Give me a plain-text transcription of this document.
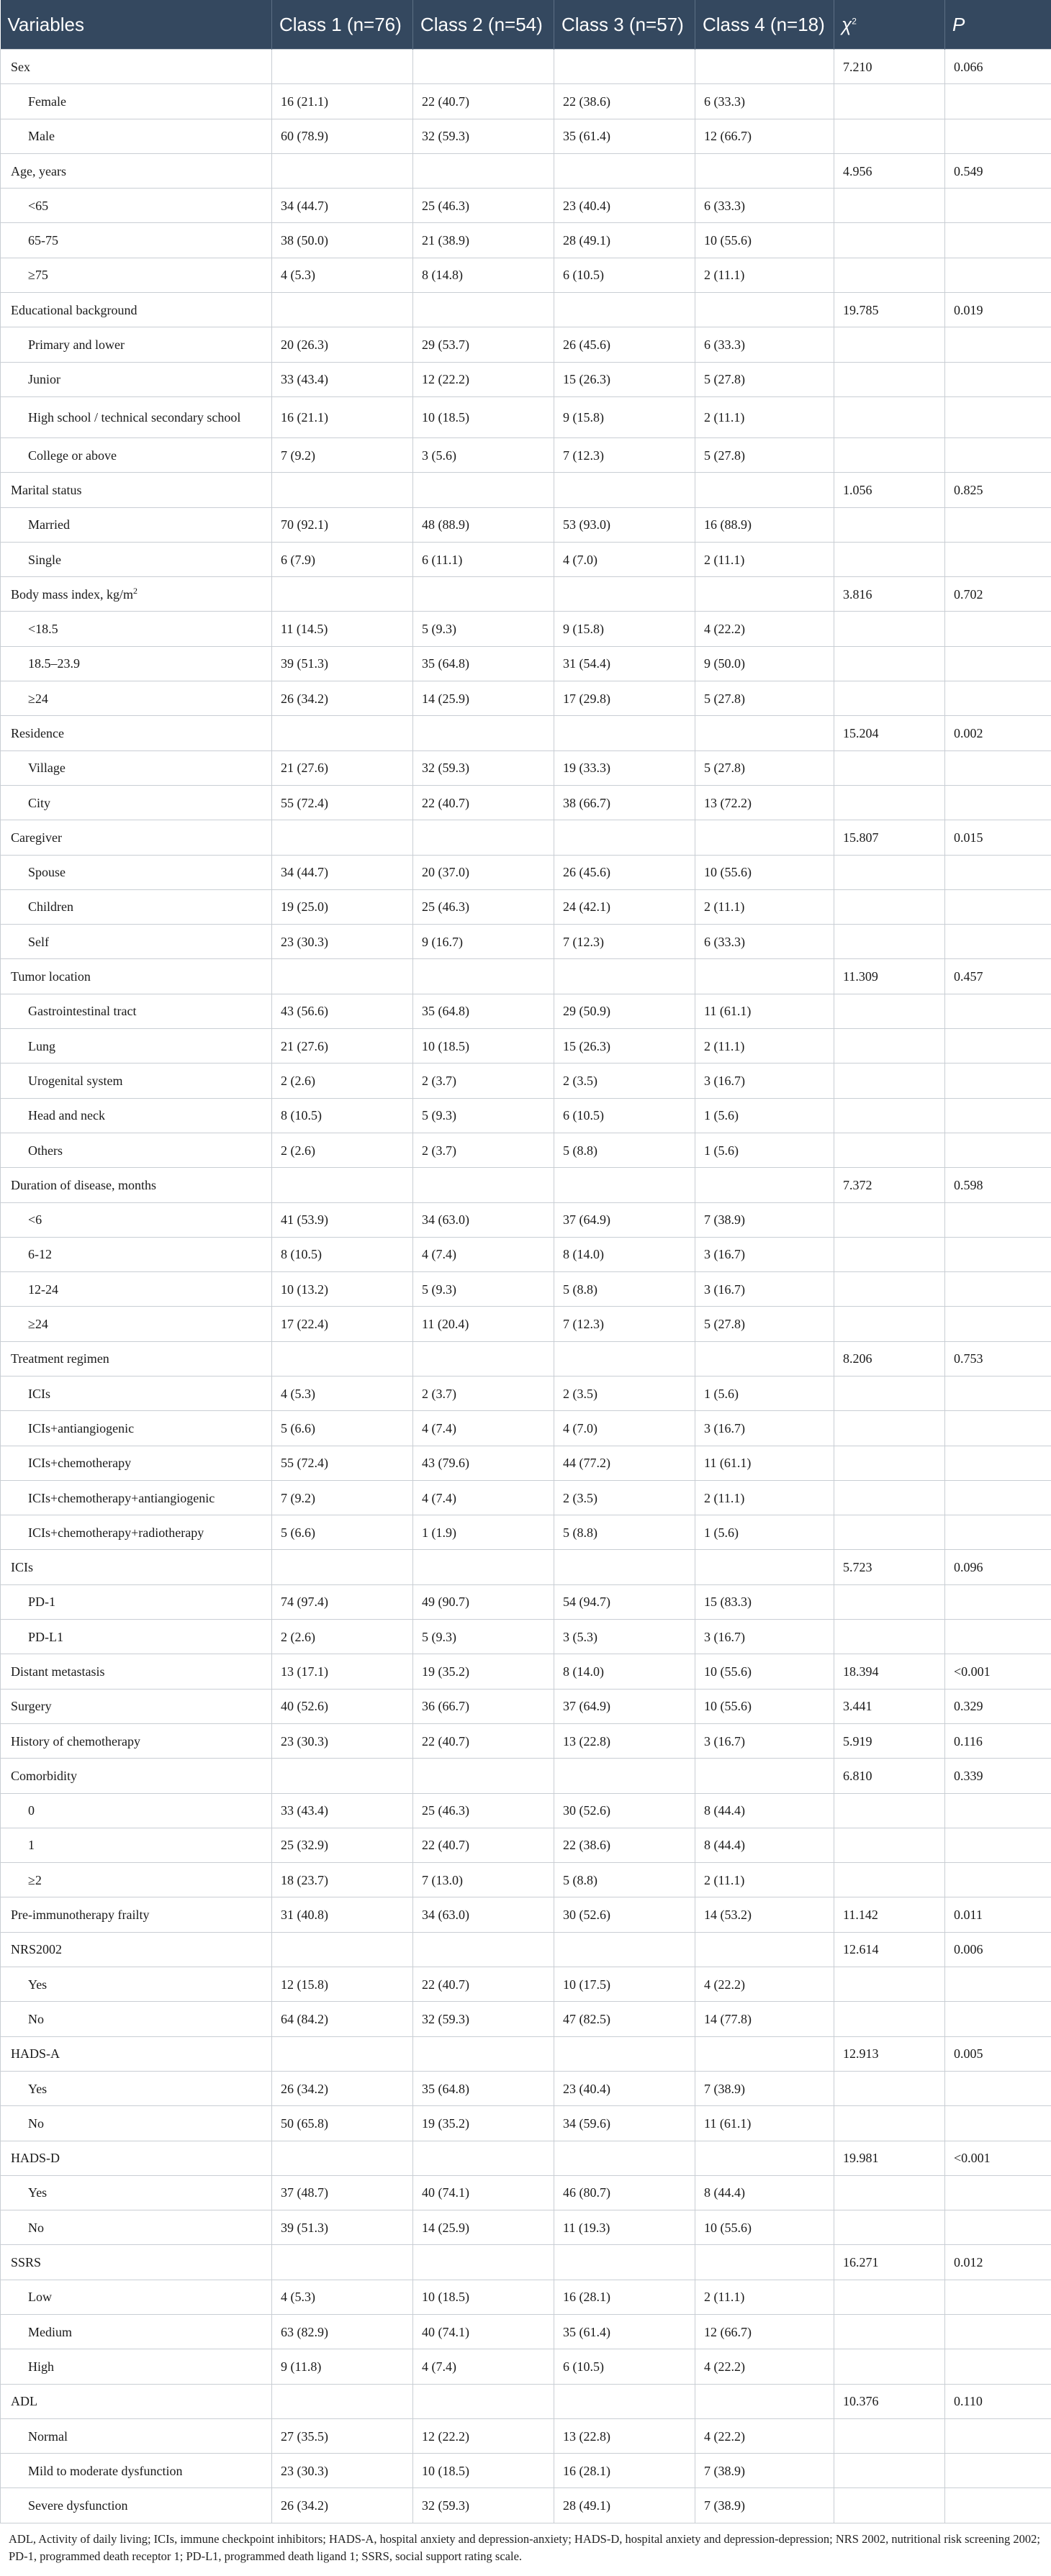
Variables	Class 1 (n=76)	Class 2 (n=54)	Class 3 (n=57)	Class 4 (n=18)	$\chi^2$	P
Sex					7.210	0.066
Female	16 (21.1)	22 (40.7)	22 (38.6)	6 (33.3)		
Male	60 (78.9)	32 (59.3)	35 (61.4)	12 (66.7)		
Age, years					4.956	0.549
<65	34 (44.7)	25 (46.3)	23 (40.4)	6 (33.3)		
65-75	38 (50.0)	21 (38.9)	28 (49.1)	10 (55.6)		
≥75	4 (5.3)	8 (14.8)	6 (10.5)	2 (11.1)		
Educational background					19.785	0.019
Primary and lower	20 (26.3)	29 (53.7)	26 (45.6)	6 (33.3)		
Junior	33 (43.4)	12 (22.2)	15 (26.3)	5 (27.8)		
High school / technical secondary school	16 (21.1)	10 (18.5)	9 (15.8)	2 (11.1)		
College or above	7 (9.2)	3 (5.6)	7 (12.3)	5 (27.8)		
Marital status					1.056	0.825
Married	70 (92.1)	48 (88.9)	53 (93.0)	16 (88.9)		
Single	6 (7.9)	6 (11.1)	4 (7.0)	2 (11.1)		
Body mass index, $kg/m^2$					3.816	0.702
<18.5	11 (14.5)	5 (9.3)	9 (15.8)	4 (22.2)		
18.5–23.9	39 (51.3)	35 (64.8)	31 (54.4)	9 (50.0)		
≥24	26 (34.2)	14 (25.9)	17 (29.8)	5 (27.8)		
Residence					15.204	0.002
Village	21 (27.6)	32 (59.3)	19 (33.3)	5 (27.8)		
City	55 (72.4)	22 (40.7)	38 (66.7)	13 (72.2)		
Caregiver					15.807	0.015
Spouse	34 (44.7)	20 (37.0)	26 (45.6)	10 (55.6)		
Children	19 (25.0)	25 (46.3)	24 (42.1)	2 (11.1)		
Self	23 (30.3)	9 (16.7)	7 (12.3)	6 (33.3)		
Tumor location					11.309	0.457
Gastrointestinal tract	43 (56.6)	35 (64.8)	29 (50.9)	11 (61.1)		
Lung	21 (27.6)	10 (18.5)	15 (26.3)	2 (11.1)		
Urogenital system	2 (2.6)	2 (3.7)	2 (3.5)	3 (16.7)		
Head and neck	8 (10.5)	5 (9.3)	6 (10.5)	1 (5.6)		
Others	2 (2.6)	2 (3.7)	5 (8.8)	1 (5.6)		
Duration of disease, months					7.372	0.598
<6	41 (53.9)	34 (63.0)	37 (64.9)	7 (38.9)		
6-12	8 (10.5)	4 (7.4)	8 (14.0)	3 (16.7)		
12-24	10 (13.2)	5 (9.3)	5 (8.8)	3 (16.7)		
≥24	17 (22.4)	11 (20.4)	7 (12.3)	5 (27.8)		
Treatment regimen					8.206	0.753
ICIs	4 (5.3)	2 (3.7)	2 (3.5)	1 (5.6)		
ICIs+antiangiogenic	5 (6.6)	4 (7.4)	4 (7.0)	3 (16.7)		
ICIs+chemotherapy	55 (72.4)	43 (79.6)	44 (77.2)	11 (61.1)		
ICIs+chemotherapy+antiangiogenic	7 (9.2)	4 (7.4)	2 (3.5)	2 (11.1)		
ICIs+chemotherapy+radiotherapy	5 (6.6)	1 (1.9)	5 (8.8)	1 (5.6)		
ICIs					5.723	0.096
PD-1	74 (97.4)	49 (90.7)	54 (94.7)	15 (83.3)		
PD-L1	2 (2.6)	5 (9.3)	3 (5.3)	3 (16.7)		
Distant metastasis	13 (17.1)	19 (35.2)	8 (14.0)	10 (55.6)	18.394	<0.001
Surgery	40 (52.6)	36 (66.7)	37 (64.9)	10 (55.6)	3.441	0.329
History of chemotherapy	23 (30.3)	22 (40.7)	13 (22.8)	3 (16.7)	5.919	0.116
Comorbidity					6.810	0.339
0	33 (43.4)	25 (46.3)	30 (52.6)	8 (44.4)		
1	25 (32.9)	22 (40.7)	22 (38.6)	8 (44.4)		
≥2	18 (23.7)	7 (13.0)	5 (8.8)	2 (11.1)		
Pre-immunotherapy frailty	31 (40.8)	34 (63.0)	30 (52.6)	14 (53.2)	11.142	0.011
NRS2002					12.614	0.006
Yes	12 (15.8)	22 (40.7)	10 (17.5)	4 (22.2)		
No	64 (84.2)	32 (59.3)	47 (82.5)	14 (77.8)		
HADS-A					12.913	0.005
Yes	26 (34.2)	35 (64.8)	23 (40.4)	7 (38.9)		
No	50 (65.8)	19 (35.2)	34 (59.6)	11 (61.1)		
HADS-D					19.981	<0.001
Yes	37 (48.7)	40 (74.1)	46 (80.7)	8 (44.4)		
No	39 (51.3)	14 (25.9)	11 (19.3)	10 (55.6)		
SSRS					16.271	0.012
Low	4 (5.3)	10 (18.5)	16 (28.1)	2 (11.1)		
Medium	63 (82.9)	40 (74.1)	35 (61.4)	12 (66.7)		
High	9 (11.8)	4 (7.4)	6 (10.5)	4 (22.2)		
ADL					10.376	0.110
Normal	27 (35.5)	12 (22.2)	13 (22.8)	4 (22.2)		
Mild to moderate dysfunction	23 (30.3)	10 (18.5)	16 (28.1)	7 (38.9)		
Severe dysfunction	26 (34.2)	32 (59.3)	28 (49.1)	7 (38.9)		
ADL, Activity of daily living; ICIs, immune checkpoint inhibitors; HADS-A, hospital anxiety and depression-anxiety; HADS-D, hospital anxiety and depression-depression; NRS 2002, nutritional risk screening 2002; PD-1, programmed death receptor 1; PD-L1, programmed death ligand 1; SSRS, social support rating scale.
